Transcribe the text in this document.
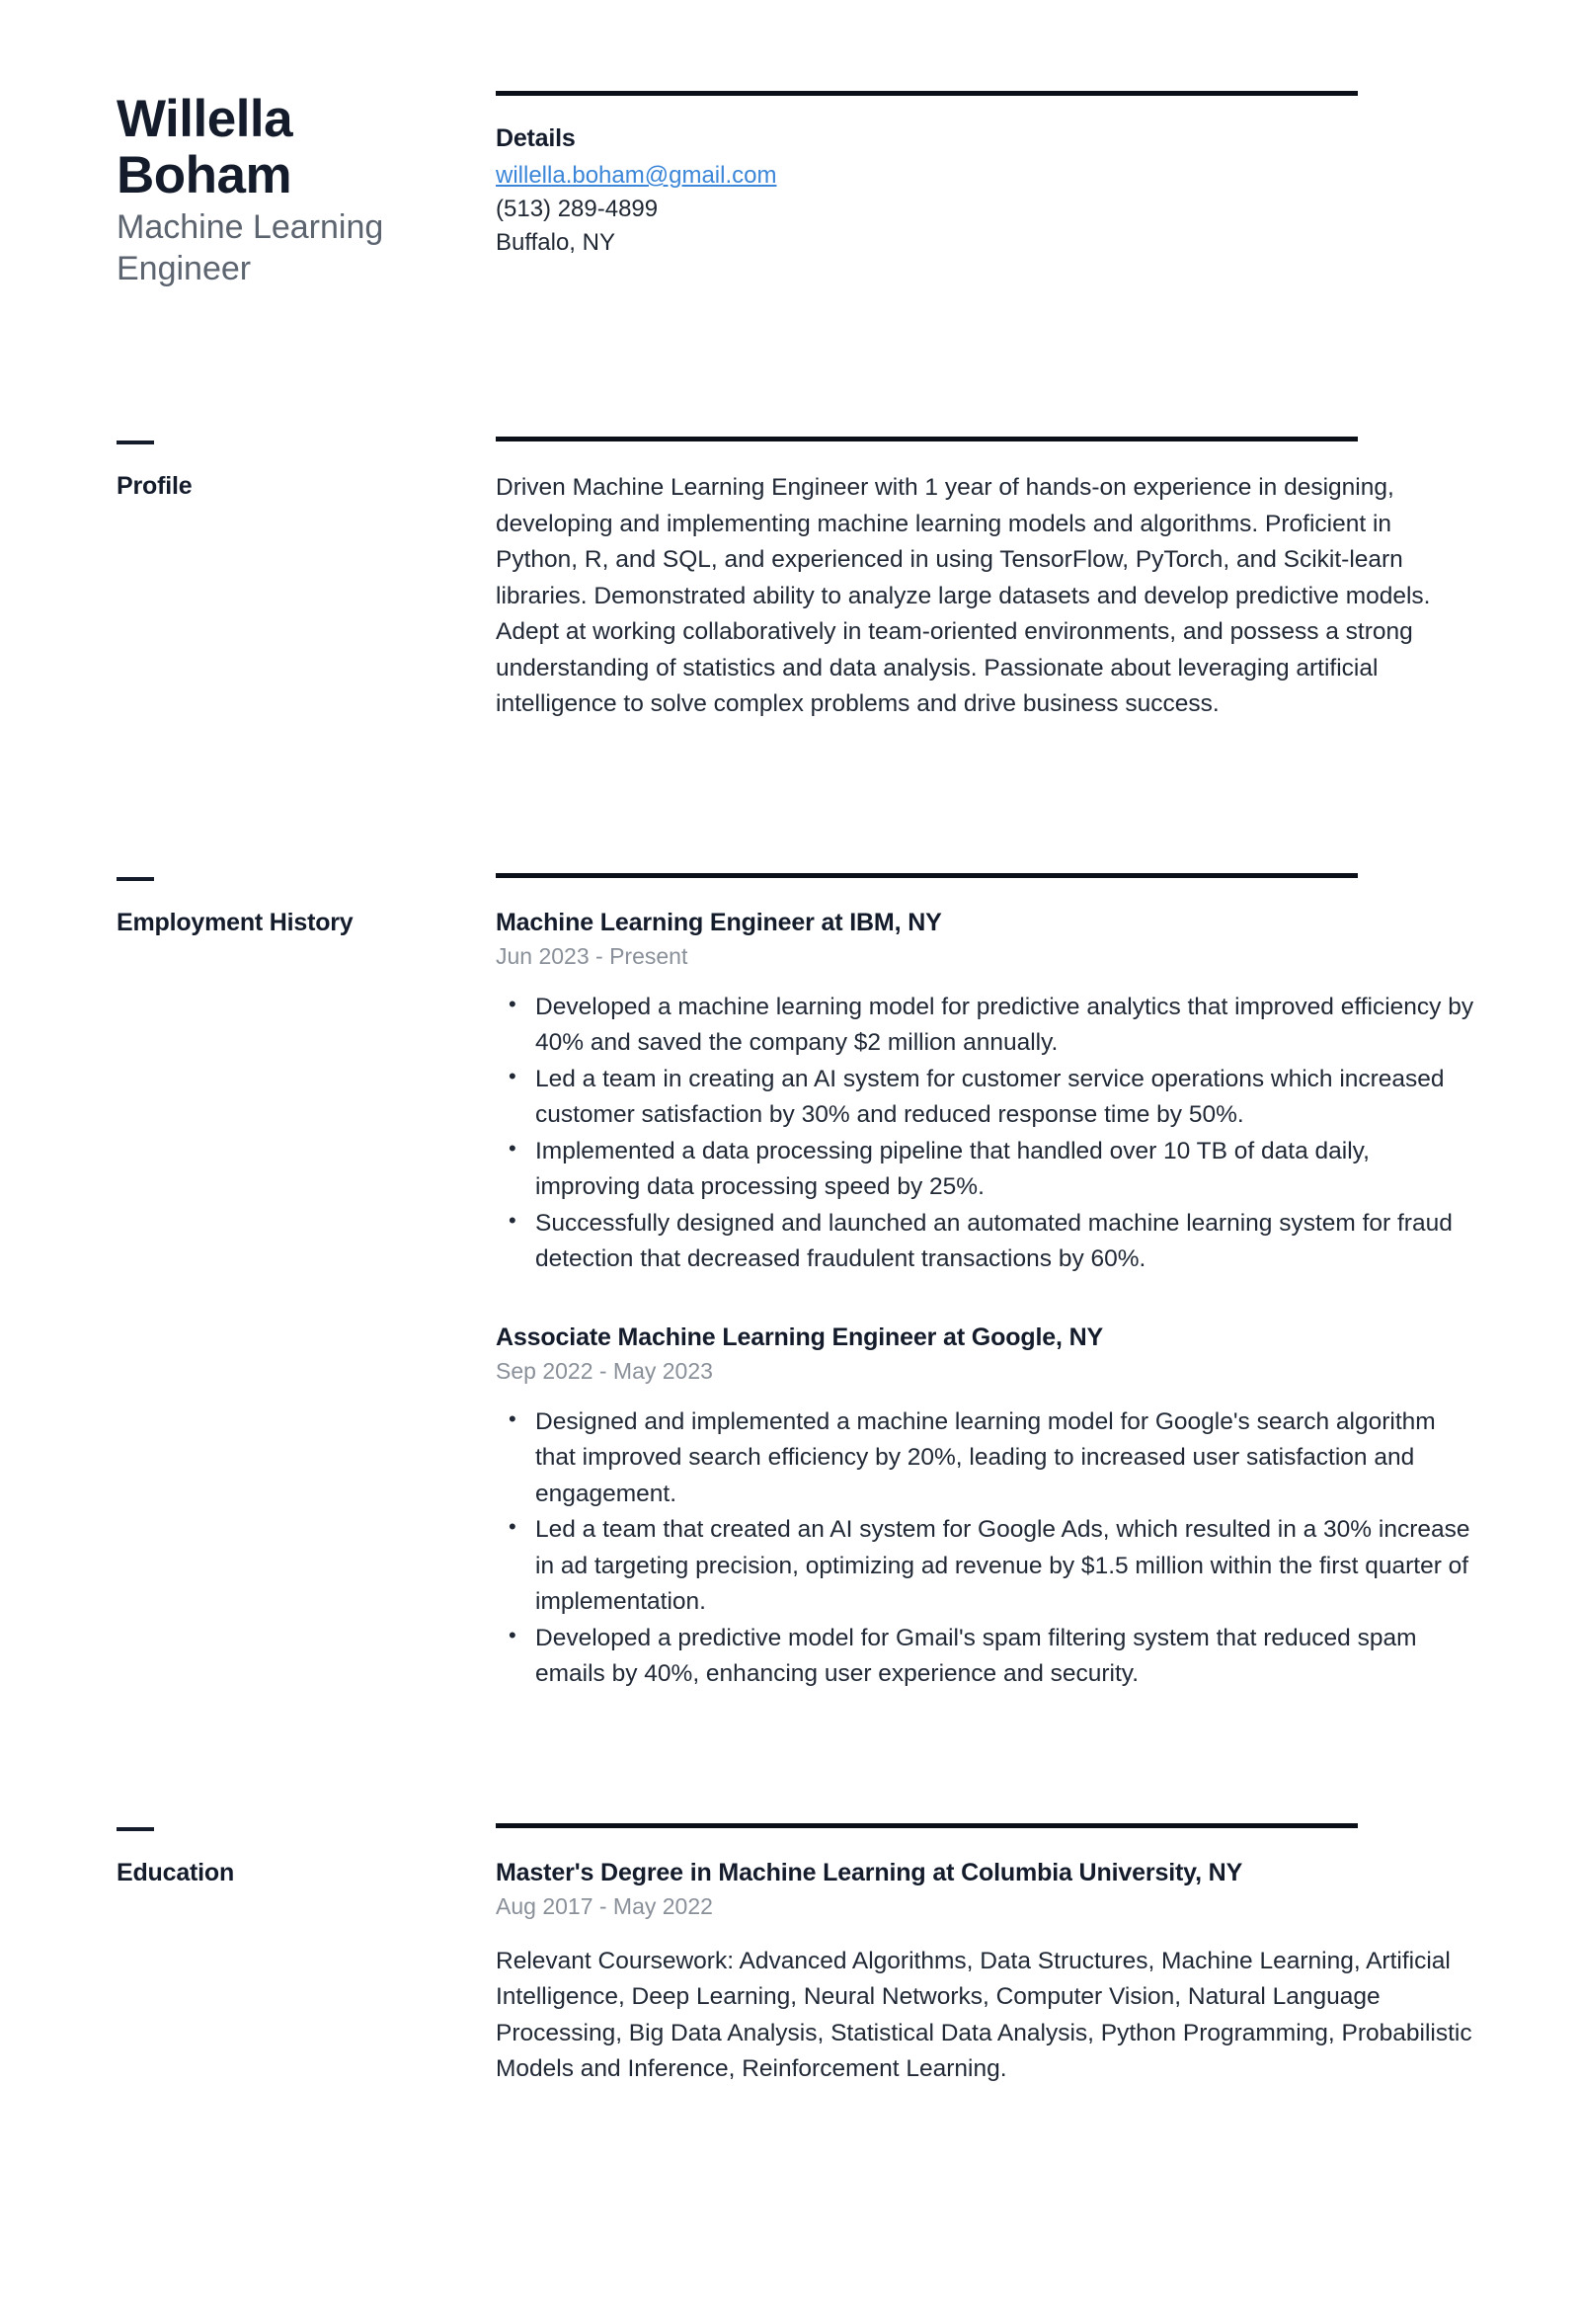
Willella
Boham
Machine Learning Engineer
Details
willella.boham@gmail.com
(513) 289-4899
Buffalo, NY
Profile	Driven Machine Learning Engineer with 1 year of hands-on experience in designing, developing and implementing machine learning models and algorithms. Proficient in Python, R, and SQL, and experienced in using TensorFlow, PyTorch, and Scikit-learn libraries. Demonstrated ability to analyze large datasets and develop predictive models. Adept at working collaboratively in team-oriented environments, and possess a strong understanding of statistics and data analysis. Passionate about leveraging artificial intelligence to solve complex problems and drive business success.

Employment History	Machine Learning Engineer at IBM, NY
Jun 2023 - Present
• Developed a machine learning model for predictive analytics that improved efficiency by 40% and saved the company $2 million annually.
• Led a team in creating an AI system for customer service operations which increased customer satisfaction by 30% and reduced response time by 50%.
• Implemented a data processing pipeline that handled over 10 TB of data daily, improving data processing speed by 25%.
• Successfully designed and launched an automated machine learning system for fraud detection that decreased fraudulent transactions by 60%.
Associate Machine Learning Engineer at Google, NY
Sep 2022 - May 2023
• Designed and implemented a machine learning model for Google's search algorithm that improved search efficiency by 20%, leading to increased user satisfaction and engagement.
• Led a team that created an AI system for Google Ads, which resulted in a 30% increase in ad targeting precision, optimizing ad revenue by $1.5 million within the first quarter of implementation.
• Developed a predictive model for Gmail's spam filtering system that reduced spam emails by 40%, enhancing user experience and security.
Education	Master's Degree in Machine Learning at Columbia University, NY
Aug 2017 - May 2022

Relevant Coursework: Advanced Algorithms, Data Structures, Machine Learning, Artificial Intelligence, Deep Learning, Neural Networks, Computer Vision, Natural Language Processing, Big Data Analysis, Statistical Data Analysis, Python Programming, Probabilistic Models and Inference, Reinforcement Learning.
